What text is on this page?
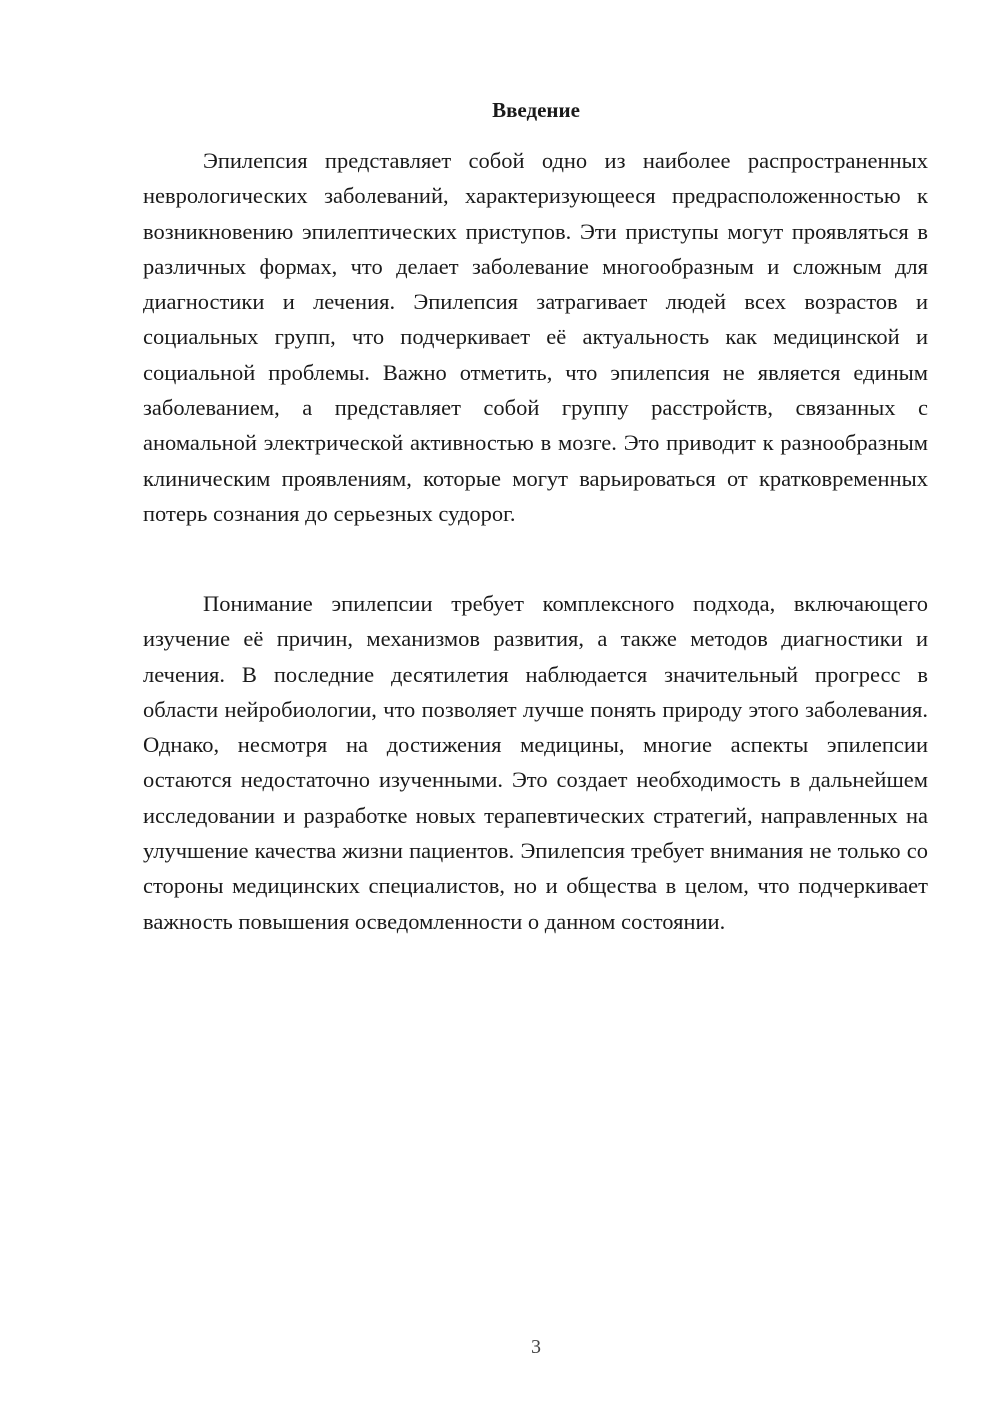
Введение

Эпилепсия представляет собой одно из наиболее распространенных неврологических заболеваний, характеризующееся предрасположенностью к возникновению эпилептических приступов. Эти приступы могут проявляться в различных формах, что делает заболевание многообразным и сложным для диагностики и лечения. Эпилепсия затрагивает людей всех возрастов и социальных групп, что подчеркивает её актуальность как медицинской и социальной проблемы. Важно отметить, что эпилепсия не является единым заболеванием, а представляет собой группу расстройств, связанных с аномальной электрической активностью в мозге. Это приводит к разнообразным клиническим проявлениям, которые могут варьироваться от кратковременных потерь сознания до серьезных судорог.

Понимание эпилепсии требует комплексного подхода, включающего изучение её причин, механизмов развития, а также методов диагностики и лечения. В последние десятилетия наблюдается значительный прогресс в области нейробиологии, что позволяет лучше понять природу этого заболевания. Однако, несмотря на достижения медицины, многие аспекты эпилепсии остаются недостаточно изученными. Это создает необходимость в дальнейшем исследовании и разработке новых терапевтических стратегий, направленных на улучшение качества жизни пациентов. Эпилепсия требует внимания не только со стороны медицинских специалистов, но и общества в целом, что подчеркивает важность повышения осведомленности о данном состоянии.

3
